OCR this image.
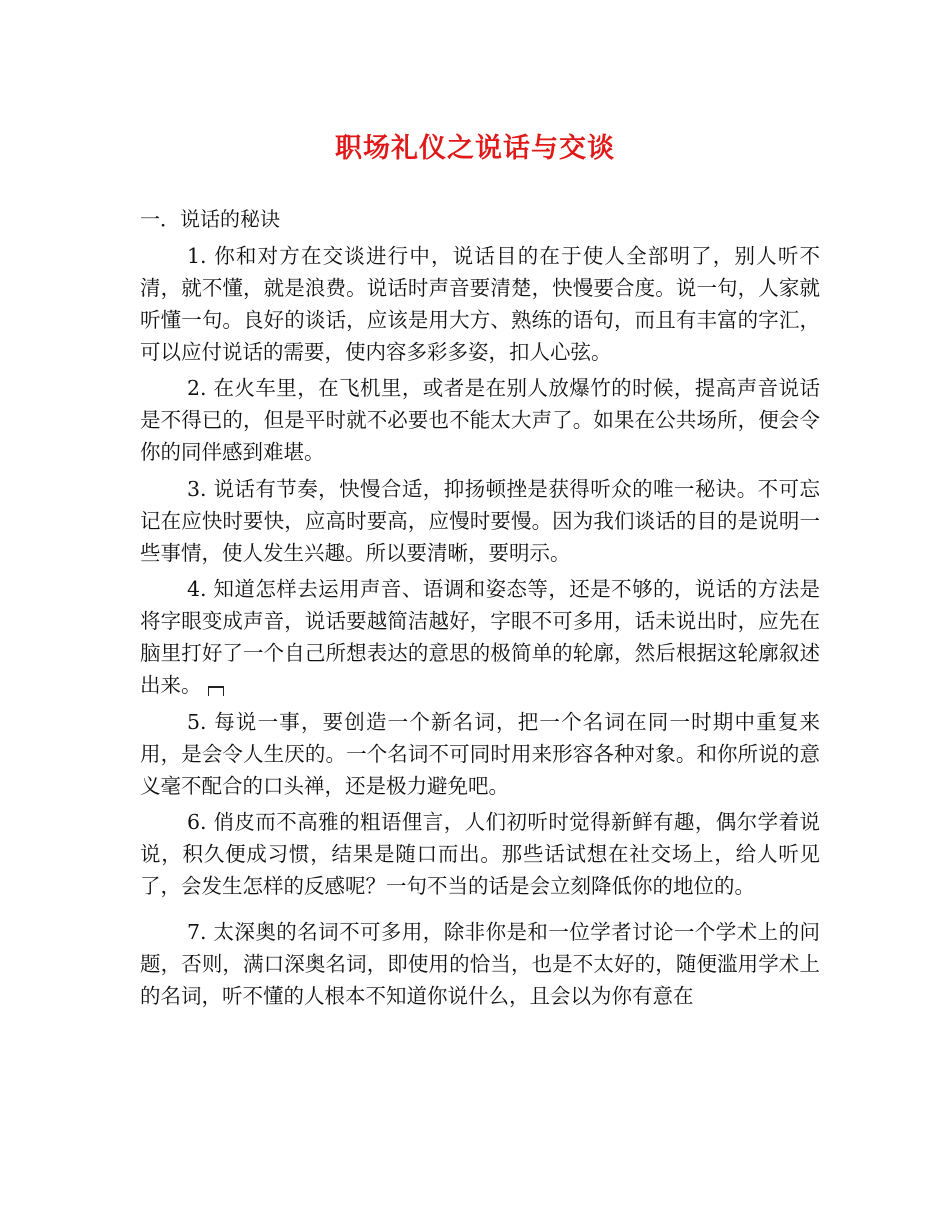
职场礼仪之说话与交谈

一．说话的秘诀

1. 你和对方在交谈进行中，说话目的在于使人全部明了，别人听不清，就不懂，就是浪费。说话时声音要清楚，快慢要合度。说一句，人家就听懂一句。良好的谈话，应该是用大方、熟练的语句，而且有丰富的字汇，可以应付说话的需要，使内容多彩多姿，扣人心弦。

2. 在火车里，在飞机里，或者是在别人放爆竹的时候，提高声音说话是不得已的，但是平时就不必要也不能太大声了。如果在公共场所，便会令你的同伴感到难堪。

3. 说话有节奏，快慢合适，抑扬顿挫是获得听众的唯一秘诀。不可忘记在应快时要快，应高时要高，应慢时要慢。因为我们谈话的目的是说明一些事情，使人发生兴趣。所以要清晰，要明示。

4. 知道怎样去运用声音、语调和姿态等，还是不够的，说话的方法是将字眼变成声音，说话要越简洁越好，字眼不可多用，话未说出时，应先在脑里打好了一个自己所想表达的意思的极简单的轮廓，然后根据这轮廓叙述出来。

5. 每说一事，要创造一个新名词，把一个名词在同一时期中重复来用，是会令人生厌的。一个名词不可同时用来形容各种对象。和你所说的意义毫不配合的口头禅，还是极力避免吧。

6. 俏皮而不高雅的粗语俚言，人们初听时觉得新鲜有趣，偶尔学着说说，积久便成习惯，结果是随口而出。那些话试想在社交场上，给人听见了，会发生怎样的反感呢？一句不当的话是会立刻降低你的地位的。

7. 太深奥的名词不可多用，除非你是和一位学者讨论一个学术上的问题，否则，满口深奥名词，即使用的恰当，也是不太好的，随便滥用学术上的名词，听不懂的人根本不知道你说什么，且会以为你有意在
